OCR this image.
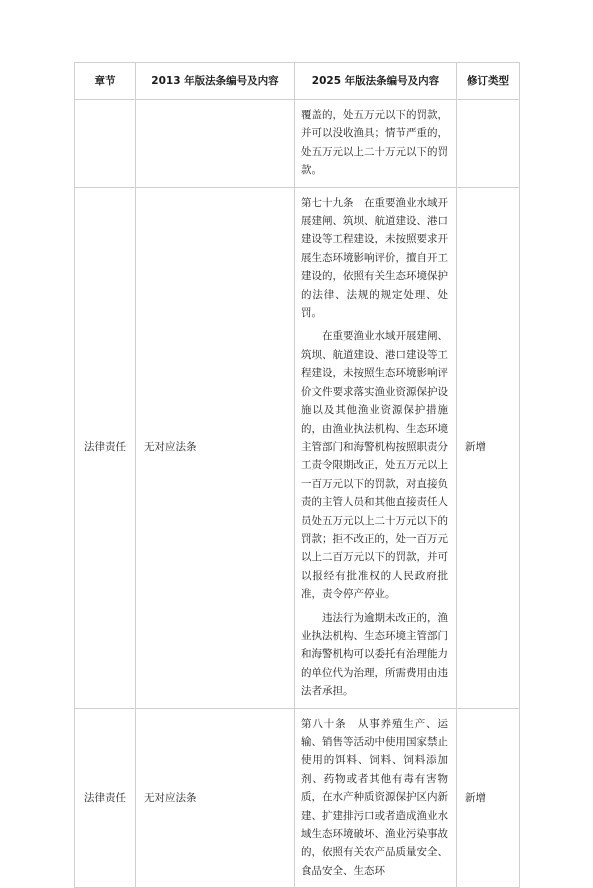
章节	2013 年版法条编号及内容	2025 年版法条编号及内容	修订类型

		覆盖的，处五万元以下的罚款，并可以没收渔具；情节严重的，处五万元以上二十万元以下的罚款。	

法律责任	无对应法条	第七十九条　在重要渔业水域开展建闸、筑坝、航道建设、港口建设等工程建设，未按照要求开展生态环境影响评价，擅自开工建设的，依照有关生态环境保护的法律、法规的规定处理、处罚。

在重要渔业水域开展建闸、筑坝、航道建设、港口建设等工程建设，未按照生态环境影响评价文件要求落实渔业资源保护设施以及其他渔业资源保护措施的，由渔业执法机构、生态环境主管部门和海警机构按照职责分工责令限期改正，处五万元以上一百万元以下的罚款，对直接负责的主管人员和其他直接责任人员处五万元以上二十万元以下的罚款；拒不改正的，处一百万元以上二百万元以下的罚款，并可以报经有批准权的人民政府批准，责令停产停业。

违法行为逾期未改正的，渔业执法机构、生态环境主管部门和海警机构可以委托有治理能力的单位代为治理，所需费用由违法者承担。	新增
法律责任	无对应法条	第八十条　从事养殖生产、运输、销售等活动中使用国家禁止使用的饵料、饲料、饲料添加剂、药物或者其他有毒有害物质，在水产种质资源保护区内新建、扩建排污口或者造成渔业水域生态环境破坏、渔业污染事故的，依照有关农产品质量安全、食品安全、生态环	新增
